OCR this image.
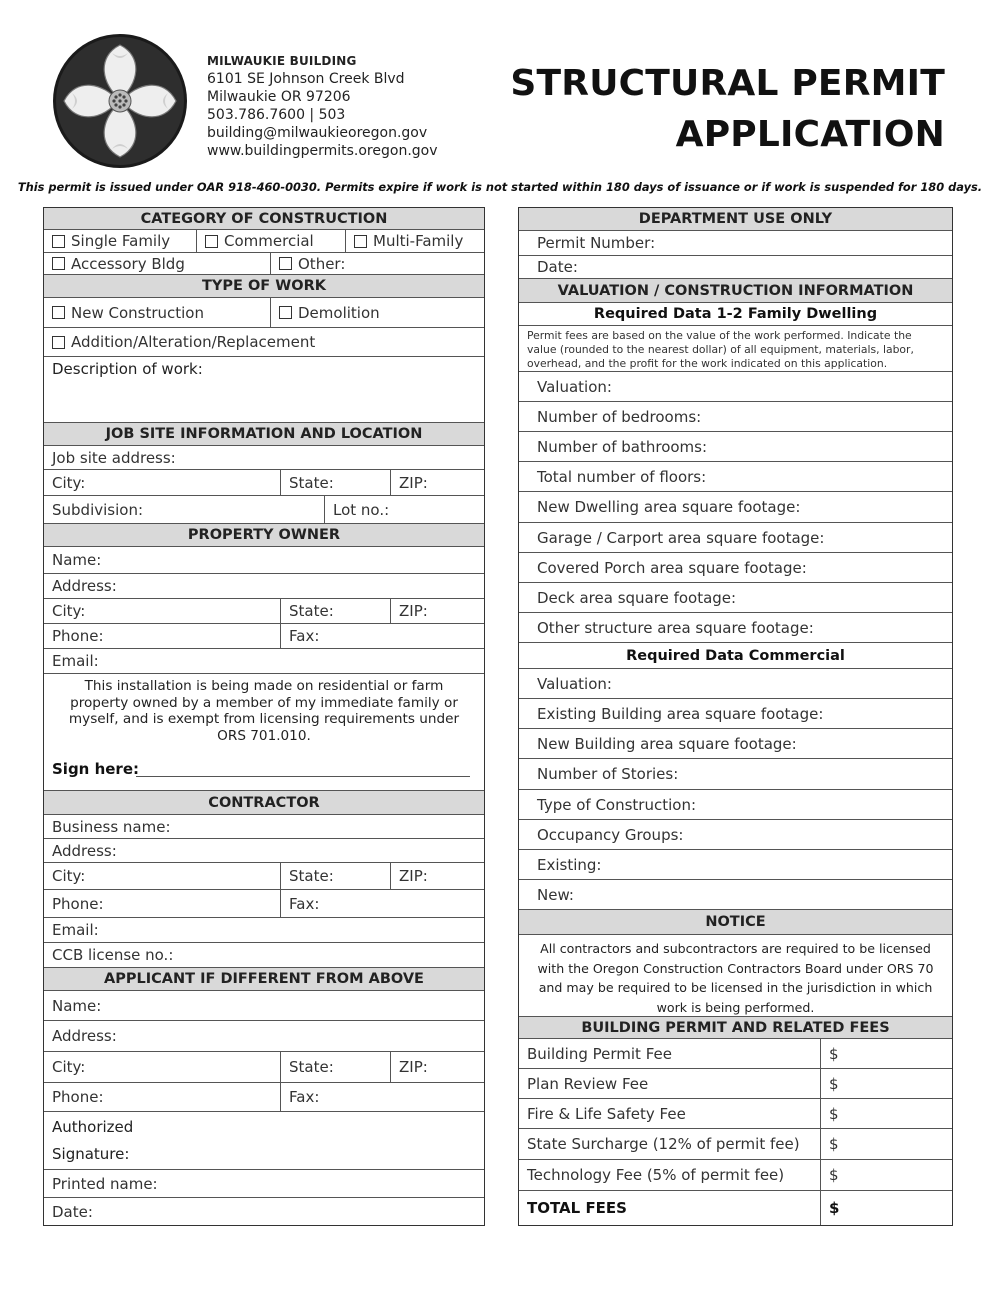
MILWAUKIE BUILDING
6101 SE Johnson Creek Blvd
Milwaukie OR 97206
503.786.7600 | 503
building@milwaukieoregon.gov
www.buildingpermits.oregon.gov
STRUCTURAL PERMIT
APPLICATION
This permit is issued under OAR 918-460-0030. Permits expire if work is not started within 180 days of issuance or if work is suspended for 180 days.
CATEGORY OF CONSTRUCTION
Single Family	Commercial	Multi-Family
Accessory Bldg	Other:
TYPE OF WORK
New Construction	Demolition
Addition/Alteration/Replacement
Description of work:
JOB SITE INFORMATION AND LOCATION
Job site address:
City:	State:	ZIP:
Subdivision:	Lot no.:
PROPERTY OWNER
Name:
Address:
City:	State:	ZIP:
Phone:	Fax:
Email:
This installation is being made on residential or farm property owned by a member of my immediate family or myself, and is exempt from licensing requirements under ORS 701.010.
Sign here:
CONTRACTOR
Business name:
Address:
City:	State:	ZIP:
Phone:	Fax:
Email:
CCB license no.:
APPLICANT IF DIFFERENT FROM ABOVE
Name:
Address:
City:	State:	ZIP:
Phone:	Fax:
Authorized
Signature:
Printed name:
Date:
DEPARTMENT USE ONLY
Permit Number:
Date:
VALUATION / CONSTRUCTION INFORMATION
Required Data 1-2 Family Dwelling
Permit fees are based on the value of the work performed. Indicate the value (rounded to the nearest dollar) of all equipment, materials, labor, overhead, and the profit for the work indicated on this application.
Valuation:
Number of bedrooms:
Number of bathrooms:
Total number of floors:
New Dwelling area square footage:
Garage / Carport area square footage:
Covered Porch area square footage:
Deck area square footage:
Other structure area square footage:
Required Data Commercial
Valuation:
Existing Building area square footage:
New Building area square footage:
Number of Stories:
Type of Construction:
Occupancy Groups:
Existing:
New:
NOTICE
All contractors and subcontractors are required to be licensed with the Oregon Construction Contractors Board under ORS 70 and may be required to be licensed in the jurisdiction in which work is being performed.
BUILDING PERMIT AND RELATED FEES
Building Permit Fee	$
Plan Review Fee	$
Fire & Life Safety Fee	$
State Surcharge (12% of permit fee)	$
Technology Fee (5% of permit fee)	$
TOTAL FEES	$
